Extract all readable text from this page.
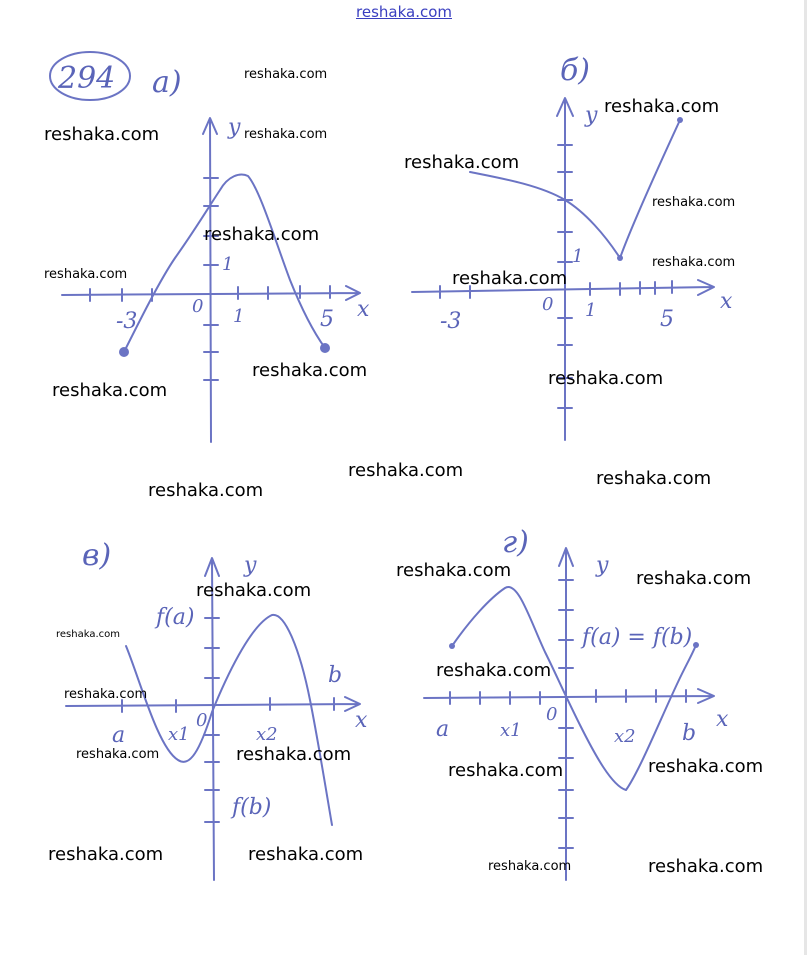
reshaka.com
294 а)
x
y
0 1
1
-3	5
б)
x
y
0 1
1
-3	5
в)
x
y
a x1
0
x2
b
f(a)
f(b)
г)
x
y
a	x1
0
x2 b
f(a) = f(b)
reshaka.com
reshaka.com	reshaka.com
reshaka.com
reshaka.com
reshaka.com
reshaka.com
reshaka.com
reshaka.com
reshaka.com
reshaka.com	reshaka.com
reshaka.com
reshaka.com	reshaka.com
reshaka.com
reshaka.com	reshaka.com
reshaka.com
reshaka.com
reshaka.com
reshaka.com
reshaka.com
reshaka.com
reshaka.com	reshaka.com
reshaka.com	reshaka.com
reshaka.com	reshaka.com
